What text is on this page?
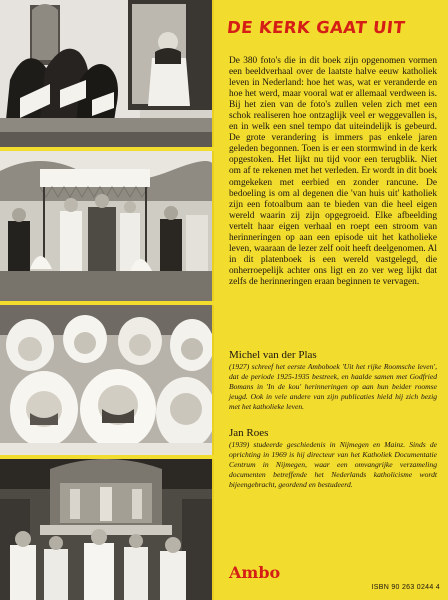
DE KERK GAAT UIT

De 380 foto's die in dit boek zijn opgenomen vormen een beeldverhaal over de laatste halve eeuw katholiek leven in Nederland: hoe het was, wat er veranderde en hoe het werd, maar vooral wat er allemaal verdween is. Bij het zien van de foto's zullen velen zich met een schok realiseren hoe ontzaglijk veel er weggevallen is, en in welk een snel tempo dat uiteindelijk is gebeurd. De grote verandering is immers pas enkele jaren geleden begonnen. Toen is er een stormwind in de kerk opgestoken. Het lijkt nu tijd voor een terugblik. Niet om af te rekenen met het verleden. Er wordt in dit boek omgekeken met eerbied en zonder rancune. De bedoeling is om al degenen die 'van huis uit' katholiek zijn een fotoalbum aan te bieden van die heel eigen wereld waarin zij zijn opgegroeid. Elke afbeelding vertelt haar eigen verhaal en roept een stroom van herinneringen op aan een episode uit het katholieke leven, waaraan de lezer zelf ooit heeft deelgenomen. Al in dit platenboek is een wereld vastgelegd, die onherroepelijk achter ons ligt en zo ver weg lijkt dat zelfs de herinneringen eraan beginnen te vervagen.

Michel van der Plas
(1927) schreef het eerste Amboboek 'Uit het rijke Roomsche leven', dat de periode 1925-1935 bestreek, en haalde samen met Godfried Bomans in 'In de kou' herinneringen op aan hun beider roomse jeugd. Ook in vele andere van zijn publicaties hield hij zich bezig met het katholieke leven.
Jan Roes
(1939) studeerde geschiedenis in Nijmegen en Mainz. Sinds de oprichting in 1969 is hij directeur van het Katholiek Documentatie Centrum in Nijmegen, waar een omvangrijke verzameling documenten betreffende het Nederlands katholicisme wordt bijeengebracht, geordend en bestudeerd.
Ambo
ISBN 90 263 0244 4
